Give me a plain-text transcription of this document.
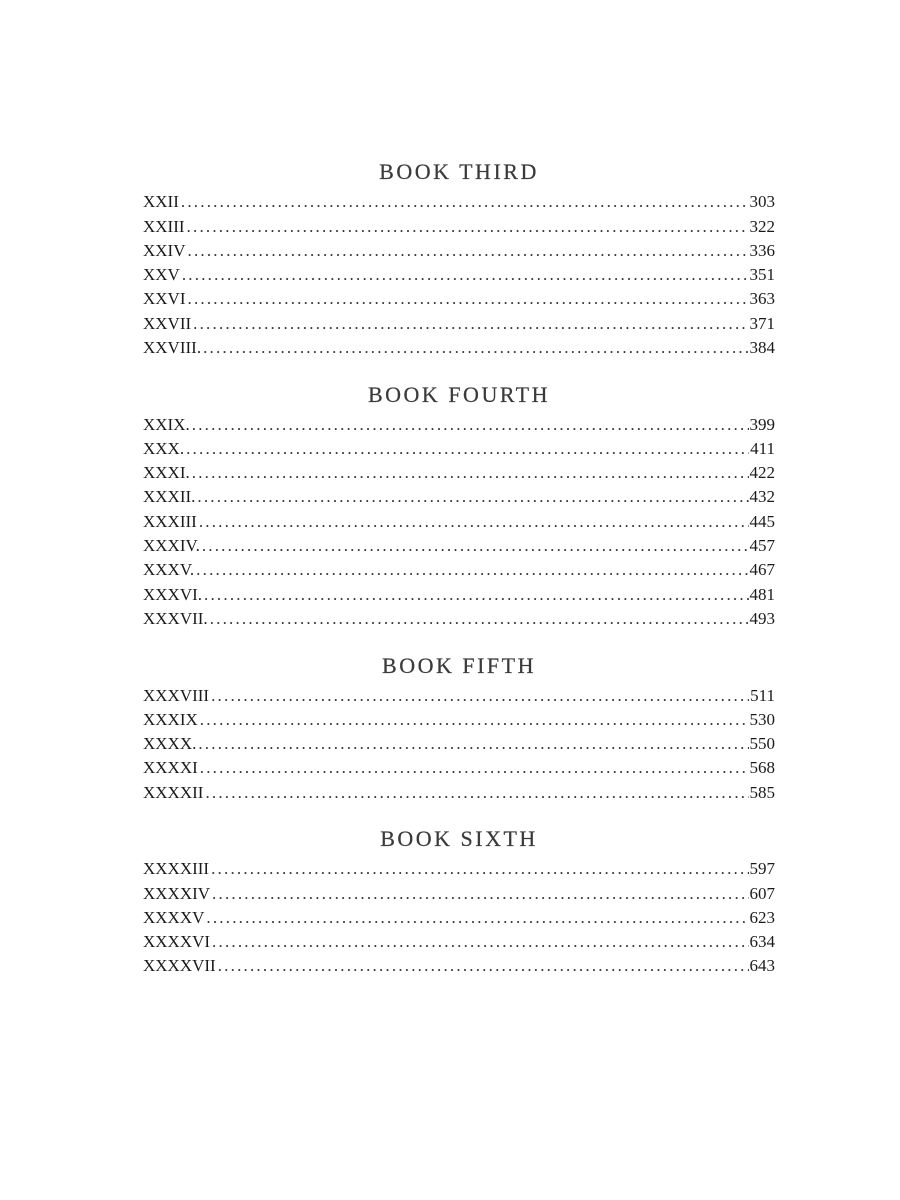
BOOK THIRD
XXII .....	303
XXIII .....	322
XXIV .....	336
XXV .....	351
XXVI .....	363
XXVII .....	371
XXVIII. .....	384
BOOK FOURTH
XXIX. .....	399
XXX. .....	411
XXXI. .....	422
XXXII. .....	432
XXXIII .....	445
XXXIV. .....	457
XXXV. .....	467
XXXVI. .....	481
XXXVII. .....	493
BOOK FIFTH
XXXVIII .....	511
XXXIX .....	530
XXXX. .....	550
XXXXI .....	568
XXXXII .....	585
BOOK SIXTH
XXXXIII .....	597
XXXXIV .....	607
XXXXV .....	623
XXXXVI .....	634
XXXXVII .....	643
